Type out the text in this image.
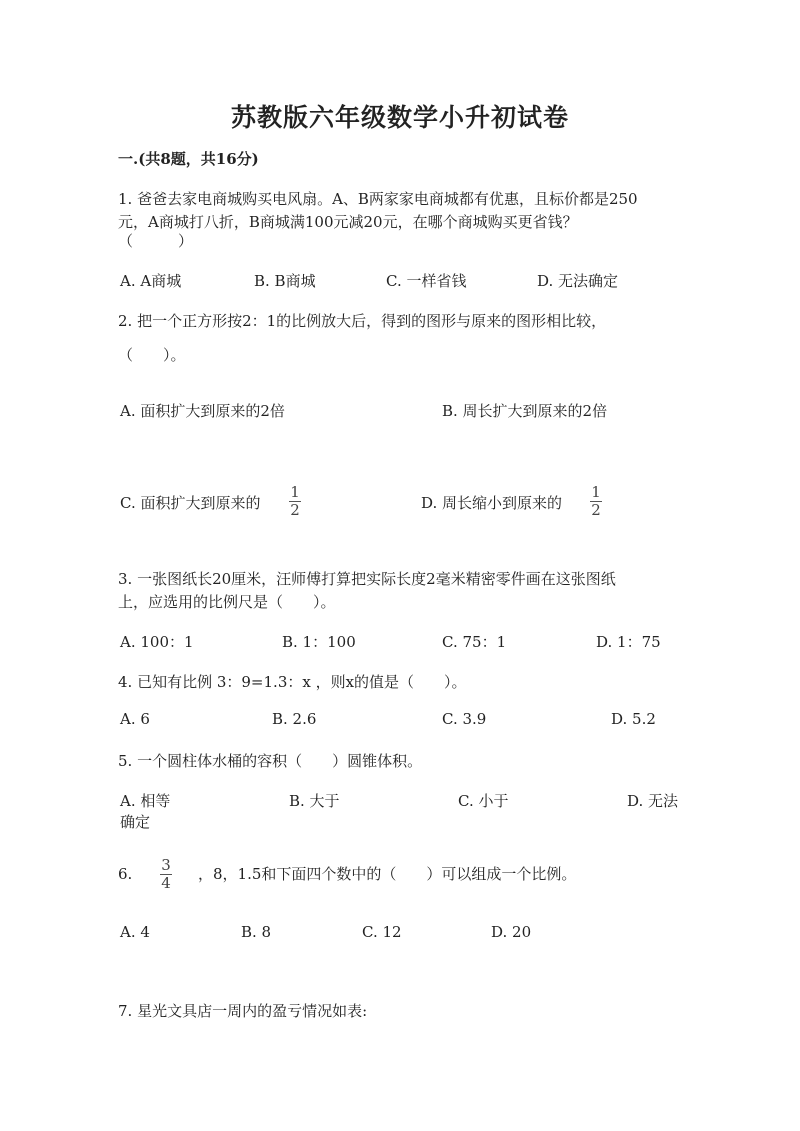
苏教版六年级数学小升初试卷
一.(共8题，共16分)
1. 爸爸去家电商城购买电风扇。A、B两家家电商城都有优惠，且标价都是250
元，A商城打八折，B商城满100元减20元，在哪个商城购买更省钱？
（　　　）
A. A商城	B. B商城	C. 一样省钱	D. 无法确定
2. 把一个正方形按2：1的比例放大后，得到的图形与原来的图形相比较，
（　　）。
A. 面积扩大到原来的2倍	B. 周长扩大到原来的2倍
C. 面积扩大到原来的
1
2	D. 周长缩小到原来的
1
2
3. 一张图纸长20厘米，汪师傅打算把实际长度2毫米精密零件画在这张图纸
上，应选用的比例尺是（　　）。
A. 100：1	B. 1：100	C. 75：1	D. 1：75
4. 已知有比例 3：9=1.3：x ，则x的值是（　　）。
A. 6	B. 2.6	C. 3.9	D. 5.2
5. 一个圆柱体水桶的容积（　　）圆锥体积。
A. 相等	B. 大于	C. 小于	D. 无法
确定
6. 3
4 ，8，1.5和下面四个数中的（　　）可以组成一个比例。
A. 4	B. 8	C. 12	D. 20
7. 星光文具店一周内的盈亏情况如表:
